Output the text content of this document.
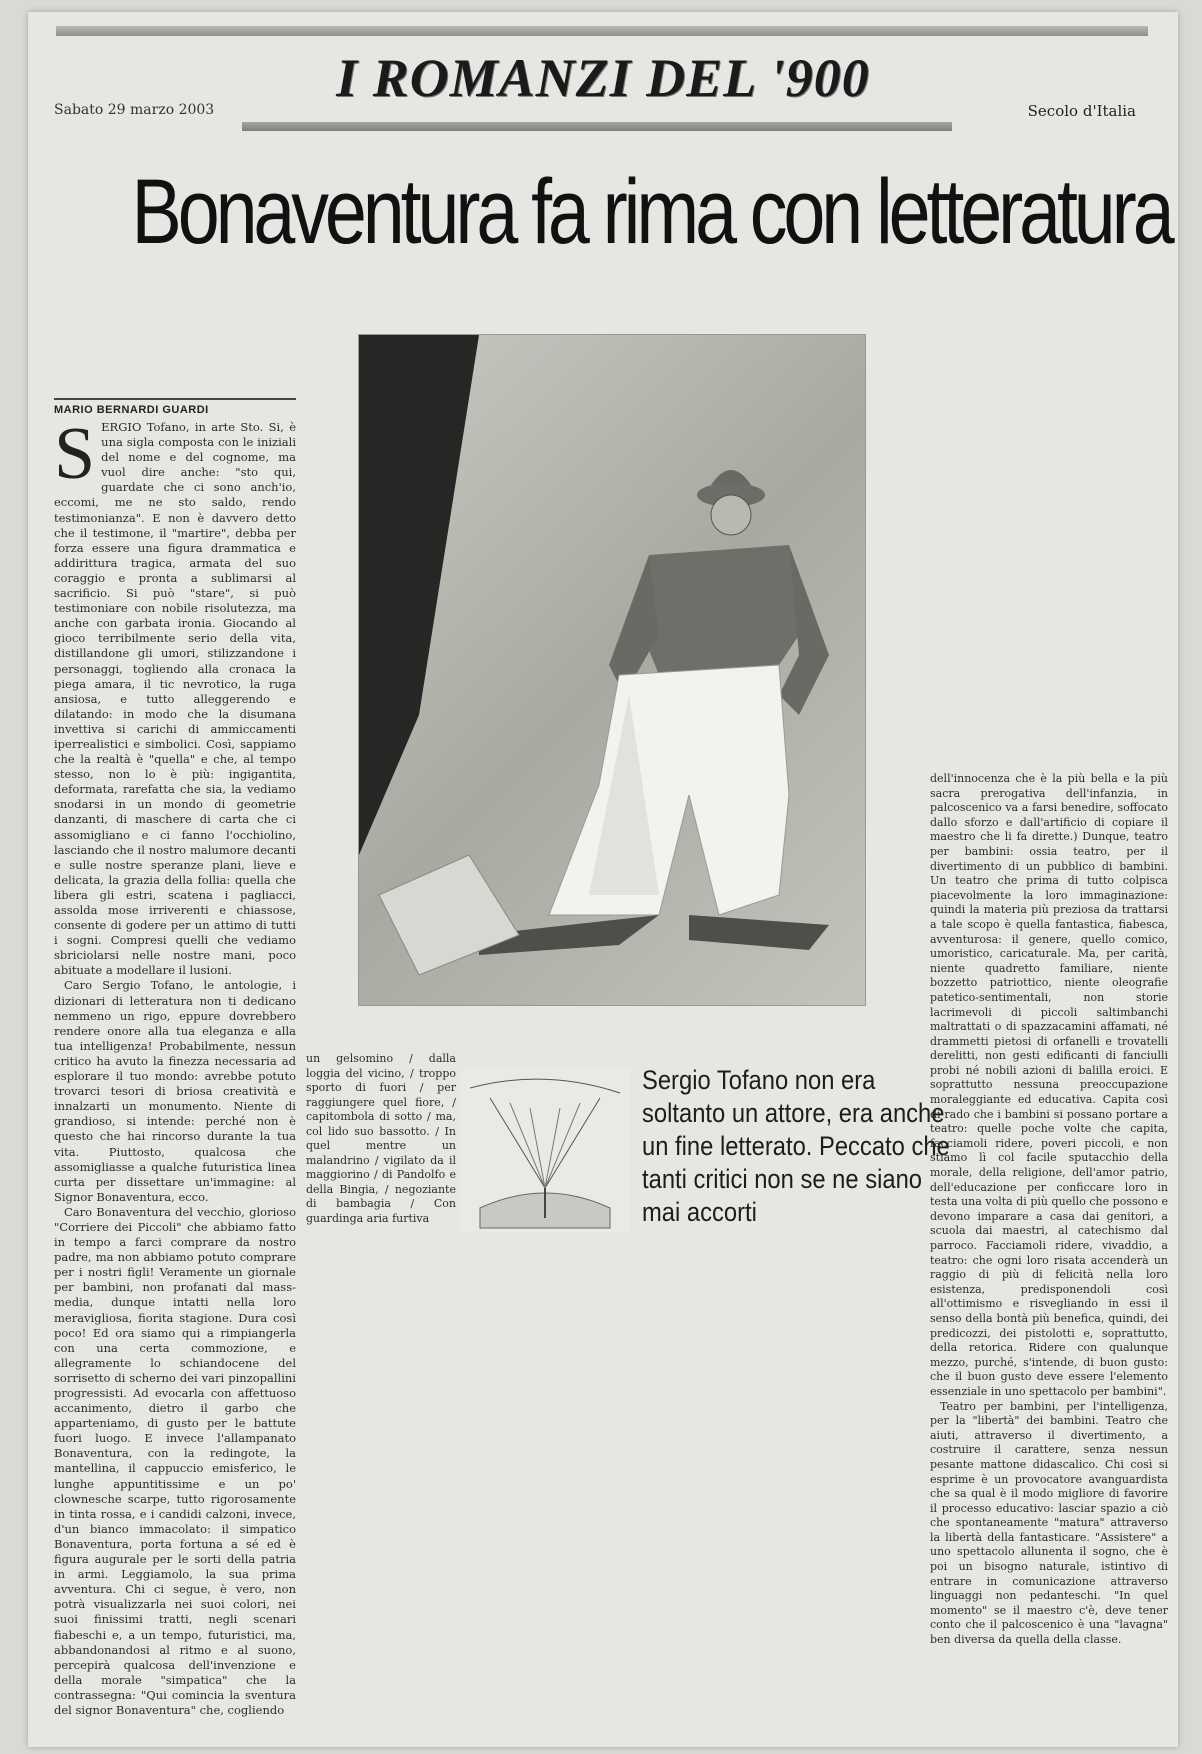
I ROMANZI DEL '900
Sabato 29 marzo 2003	Secolo d'Italia
Bonaventura fa rima con letteratura
MARIO BERNARDI GUARDI
S ERGIO Tofano, in arte Sto. Si, è una sigla composta con le iniziali del nome e del cognome, ma vuol dire anche: "sto qui, guardate che ci sono anch'io, eccomi, me ne sto saldo, rendo testimonianza". E non è davvero detto che il testimone, il "martire", debba per forza essere una figura drammatica e addirittura tragica, armata del suo coraggio e pronta a sublimarsi al sacrificio. Si può "stare", si può testimoniare con nobile risolutezza, ma anche con garbata ironia. Giocando al gioco terribilmente serio della vita, distillandone gli umori, stilizzandone i personaggi, togliendo alla cronaca la piega amara, il tic nevrotico, la ruga ansiosa, e tutto alleggerendo e dilatando: in modo che la disumana invettiva si carichi di ammiccamenti iperrealistici e simbolici. Così, sappiamo che la realtà è "quella" e che, al tempo stesso, non lo è più: ingigantita, deformata, rarefatta che sia, la vediamo snodarsi in un mondo di geometrie danzanti, di maschere di carta che ci assomigliano e ci fanno l'occhiolino, lasciando che il nostro malumore decanti e sulle nostre speranze plani, lieve e delicata, la grazia della follia: quella che libera gli estri, scatena i pagliacci, assolda mose irriverenti e chiassose, consente di godere per un attimo di tutti i sogni. Compresi quelli che vediamo sbriciolarsi nelle nostre mani, poco abituate a modellare il lusioni.

Caro Sergio Tofano, le antologie, i dizionari di letteratura non ti dedicano nemmeno un rigo, eppure dovrebbero rendere onore alla tua eleganza e alla tua intelligenza! Probabilmente, nessun critico ha avuto la finezza necessaria ad esplorare il tuo mondo: avrebbe potuto trovarci tesori di briosa creatività e innalzarti un monumento. Niente di grandioso, si intende: perché non è questo che hai rincorso durante la tua vita. Piuttosto, qualcosa che assomigliasse a qualche futuristica linea curta per dissettare un'immagine: al Signor Bonaventura, ecco.

Caro Bonaventura del vecchio, glorioso "Corriere dei Piccoli" che abbiamo fatto in tempo a farci comprare da nostro padre, ma non abbiamo potuto comprare per i nostri figli! Veramente un giornale per bambini, non profanati dal mass-media, dunque intatti nella loro meravigliosa, fiorita stagione. Dura così poco! Ed ora siamo qui a rimpiangerla con una certa commozione, e allegramente lo schiandocene del sorrisetto di scherno dei vari pinzopallini progressisti. Ad evocarla con affettuoso accanimento, dietro il garbo che apparteniamo, di gusto per le battute fuori luogo. E invece l'allampanato Bonaventura, con la redingote, la mantellina, il cappuccio emisferico, le lunghe appuntitissime e un po' clownesche scarpe, tutto rigorosamente in tinta rossa, e i candidi calzoni, invece, d'un bianco immacolato: il simpatico Bonaventura, porta fortuna a sé ed è figura augurale per le sorti della patria in armi. Leggiamolo, la sua prima avventura. Chi ci segue, è vero, non potrà visualizzarla nei suoi colori, nei suoi finissimi tratti, negli scenari fiabeschi e, a un tempo, futuristici, ma, abbandonandosi al ritmo e al suono, percepirà qualcosa dell'invenzione e della morale "simpatica" che la contrassegna: "Qui comincia la sventura del signor Bonaventura" che, cogliendo

Sergio Tofano non era soltanto un attore, era anche un fine letterato. Peccato che tanti critici non se ne siano mai accorti

un gelsomino / dalla loggia del vicino, / troppo sporto di fuori / per raggiungere quel fiore, / capitombola di sotto / ma, col lido suo bassotto. / In quel mentre un malandrino / vigilato da il maggiorino / di Pandolfo e della Bingia, / negoziante di bambagia / Con guardinga aria furtiva

dell'innocenza che è la più bella e la più sacra prerogativa dell'infanzia, in palcoscenico va a farsi benedire, soffocato dallo sforzo e dall'artificio di copiare il maestro che li fa dirette.) Dunque, teatro per bambini: ossia teatro, per il divertimento di un pubblico di bambini. Un teatro che prima di tutto colpisca piacevolmente la loro immaginazione: quindi la materia più preziosa da trattarsi a tale scopo è quella fantastica, fiabesca, avventurosa: il genere, quello comico, umoristico, caricaturale. Ma, per carità, niente quadretto familiare, niente bozzetto patriottico, niente oleografie patetico-sentimentali, non storie lacrimevoli di piccoli saltimbanchi maltrattati o di spazzacamini affamati, né drammetti pietosi di orfanelli e trovatelli derelitti, non gesti edificanti di fanciulli probi né nobili azioni di balilla eroici. E soprattutto nessuna preoccupazione moraleggiante ed educativa. Capita così di rado che i bambini si possano portare a teatro: quelle poche volte che capita, facciamoli ridere, poveri piccoli, e non stiamo lì col facile sputacchio della morale, della religione, dell'amor patrio, dell'educazione per conficcare loro in testa una volta di più quello che possono e devono imparare a casa dai genitori, a scuola dai maestri, al catechismo dal parroco. Facciamoli ridere, vivaddio, a teatro: che ogni loro risata accenderà un raggio di più di felicità nella loro esistenza, predisponendoli così all'ottimismo e risvegliando in essi il senso della bontà più benefica, quindi, dei predicozzi, dei pistolotti e, soprattutto, della retorica. Ridere con qualunque mezzo, purché, s'intende, di buon gusto: che il buon gusto deve essere l'elemento essenziale in uno spettacolo per bambini".

Teatro per bambini, per l'intelligenza, per la "libertà" dei bambini. Teatro che aiuti, attraverso il divertimento, a costruire il carattere, senza nessun pesante mattone didascalico. Chi così si esprime è un provocatore avanguardista che sa qual è il modo migliore di favorire il processo educativo: lasciar spazio a ciò che spontaneamente "matura" attraverso la libertà della fantasticare. "Assistere" a uno spettacolo allunenta il sogno, che è poi un bisogno naturale, istintivo di entrare in comunicazione attraverso linguaggi non pedanteschi. "In quel momento" se il maestro c'è, deve tener conto che il palcoscenico è una "lavagna" ben diversa da quella della classe.
